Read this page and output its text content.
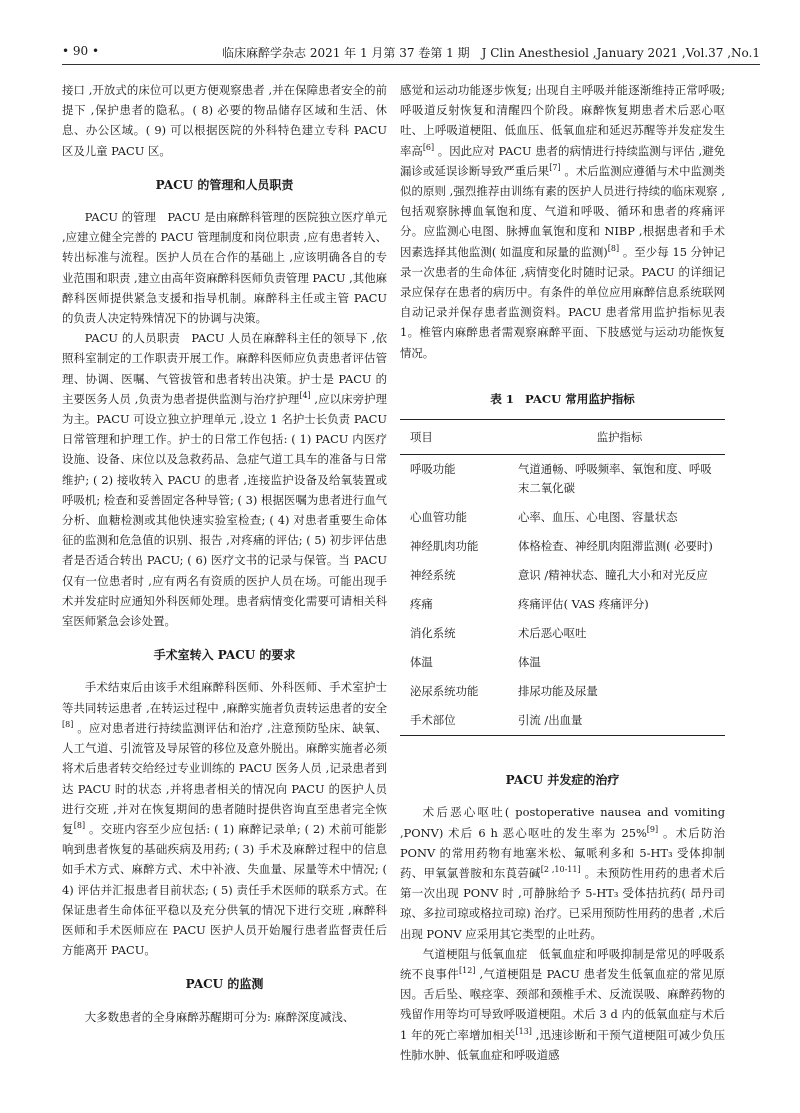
• 90 •	临床麻醉学杂志 2021 年 1 月第 37 卷第 1 期　J Clin Anesthesiol ,January 2021 ,Vol.37 ,No.1

接口 ,开放式的床位可以更方便观察患者 ,并在保障患者安全的前提下 ,保护患者的隐私。( 8) 必要的物品储存区域和生活、休息、办公区域。( 9) 可以根据医院的外科特色建立专科 PACU 区及儿童 PACU 区。

PACU 的管理和人员职责

PACU 的管理 PACU 是由麻醉科管理的医院独立医疗单元 ,应建立健全完善的 PACU 管理制度和岗位职责 ,应有患者转入、转出标准与流程。医护人员在合作的基础上 ,应该明确各自的专业范围和职责 ,建立由高年资麻醉科医师负责管理 PACU ,其他麻醉科医师提供紧急支援和指导机制。麻醉科主任或主管 PACU 的负责人决定特殊情况下的协调与决策。

PACU 的人员职责 PACU 人员在麻醉科主任的领导下 ,依照科室制定的工作职责开展工作。麻醉科医师应负责患者评估管理、协调、医嘱、气管拔管和患者转出决策。护士是 PACU 的主要医务人员 ,负责为患者提供监测与治疗护理[4] ,应以床旁护理为主。PACU 可设立独立护理单元 ,设立 1 名护士长负责 PACU 日常管理和护理工作。护士的日常工作包括: ( 1) PACU 内医疗设施、设备、床位以及急救药品、急症气道工具车的准备与日常维护; ( 2) 接收转入 PACU 的患者 ,连接监护设备及给氧装置或呼吸机; 检查和妥善固定各种导管; ( 3) 根据医嘱为患者进行血气分析、血糖检测或其他快速实验室检查; ( 4) 对患者重要生命体征的监测和危急值的识别、报告 ,对疼痛的评估; ( 5) 初步评估患者是否适合转出 PACU; ( 6) 医疗文书的记录与保管。当 PACU 仅有一位患者时 ,应有两名有资质的医护人员在场。可能出现手术并发症时应通知外科医师处理。患者病情变化需要可请相关科室医师紧急会诊处置。

手术室转入 PACU 的要求

手术结束后由该手术组麻醉科医师、外科医师、手术室护士等共同转运患者 ,在转运过程中 ,麻醉实施者负责转运患者的安全[8] 。应对患者进行持续监测评估和治疗 ,注意预防坠床、缺氧、人工气道、引流管及导尿管的移位及意外脱出。麻醉实施者必须将术后患者转交给经过专业训练的 PACU 医务人员 ,记录患者到达 PACU 时的状态 ,并将患者相关的情况向 PACU 的医护人员进行交班 ,并对在恢复期间的患者随时提供咨询直至患者完全恢复[8] 。交班内容至少应包括: ( 1) 麻醉记录单; ( 2) 术前可能影响到患者恢复的基础疾病及用药; ( 3) 手术及麻醉过程中的信息如手术方式、麻醉方式、术中补液、失血量、尿量等术中情况; ( 4) 评估并汇报患者目前状态; ( 5) 责任手术医师的联系方式。在保证患者生命体征平稳以及充分供氧的情况下进行交班 ,麻醉科医师和手术医师应在 PACU 医护人员开始履行患者监督责任后方能离开 PACU。

PACU 的监测

大多数患者的全身麻醉苏醒期可分为: 麻醉深度减浅、

感觉和运动功能逐步恢复; 出现自主呼吸并能逐渐维持正常呼吸; 呼吸道反射恢复和清醒四个阶段。麻醉恢复期患者术后恶心呕吐、上呼吸道梗阻、低血压、低氧血症和延迟苏醒等并发症发生率高[6] 。因此应对 PACU 患者的病情进行持续监测与评估 ,避免漏诊或延误诊断导致严重后果[7] 。术后监测应遵循与术中监测类似的原则 ,强烈推荐由训练有素的医护人员进行持续的临床观察 ,包括观察脉搏血氧饱和度、气道和呼吸、循环和患者的疼痛评分。应监测心电图、脉搏血氧饱和度和 NIBP ,根据患者和手术因素选择其他监测( 如温度和尿量的监测)[8] 。至少每 15 分钟记录一次患者的生命体征 ,病情变化时随时记录。PACU 的详细记录应保存在患者的病历中。有条件的单位应用麻醉信息系统联网自动记录并保存患者监测资料。PACU 患者常用监护指标见表 1。椎管内麻醉患者需观察麻醉平面、下肢感觉与运动功能恢复情况。

表 1 PACU 常用监护指标
项目	监护指标
呼吸功能	气道通畅、呼吸频率、氧饱和度、呼吸末二氧化碳
心血管功能	心率、血压、心电图、容量状态
神经肌肉功能	体格检查、神经肌肉阻滞监测( 必要时)
神经系统	意识 /精神状态、瞳孔大小和对光反应
疼痛	疼痛评估( VAS 疼痛评分)
消化系统	术后恶心呕吐
体温	体温
泌尿系统功能	排尿功能及尿量
手术部位	引流 /出血量
PACU 并发症的治疗

术后恶心呕吐( postoperative nausea and vomiting ,PONV) 术后 6 h 恶心呕吐的发生率为 25%[9] 。术后防治 PONV 的常用药物有地塞米松、氟哌利多和 5-HT₃ 受体抑制药、甲氧氯普胺和东莨菪碱[2 ,10-11] 。未预防性用药的患者术后第一次出现 PONV 时 ,可静脉给予 5-HT₃ 受体拮抗药( 昂丹司琼、多拉司琼或格拉司琼) 治疗。已采用预防性用药的患者 ,术后出现 PONV 应采用其它类型的止吐药。

气道梗阻与低氧血症 低氧血症和呼吸抑制是常见的呼吸系统不良事件[12] ,气道梗阻是 PACU 患者发生低氧血症的常见原因。舌后坠、喉痉挛、颈部和颈椎手术、反流误吸、麻醉药物的残留作用等均可导致呼吸道梗阻。术后 3 d 内的低氧血症与术后 1 年的死亡率增加相关[13] ,迅速诊断和干预气道梗阻可减少负压性肺水肿、低氧血症和呼吸道感
